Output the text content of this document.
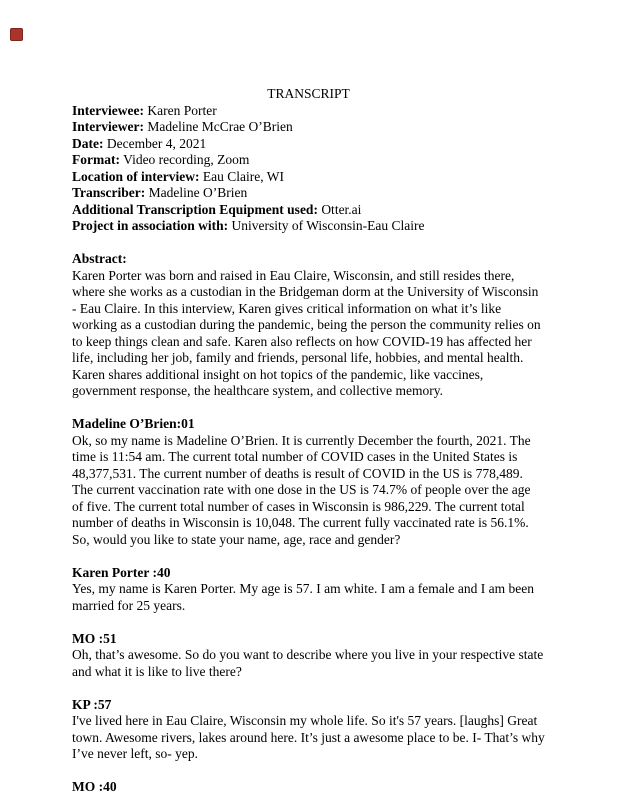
TRANSCRIPT

Interviewee: Karen Porter

Interviewer: Madeline McCrae O’Brien

Date: December 4, 2021

Format: Video recording, Zoom

Location of interview: Eau Claire, WI

Transcriber: Madeline O’Brien

Additional Transcription Equipment used: Otter.ai

Project in association with: University of Wisconsin-Eau Claire

Abstract:

Karen Porter was born and raised in Eau Claire, Wisconsin, and still resides there, where she works as a custodian in the Bridgeman dorm at the University of Wisconsin - Eau Claire. In this interview, Karen gives critical information on what it’s like working as a custodian during the pandemic, being the person the community relies on to keep things clean and safe. Karen also reflects on how COVID-19 has affected her life, including her job, family and friends, personal life, hobbies, and mental health. Karen shares additional insight on hot topics of the pandemic, like vaccines, government response, the healthcare system, and collective memory.

Madeline O’Brien:01

Ok, so my name is Madeline O’Brien. It is currently December the fourth, 2021. The time is 11:54 am. The current total number of COVID cases in the United States is 48,377,531. The current number of deaths is result of COVID in the US is 778,489. The current vaccination rate with one dose in the US is 74.7% of people over the age of five. The current total number of cases in Wisconsin is 986,229. The current total number of deaths in Wisconsin is 10,048. The current fully vaccinated rate is 56.1%. So, would you like to state your name, age, race and gender?

Karen Porter :40

Yes, my name is Karen Porter. My age is 57. I am white. I am a female and I am been married for 25 years.

MO :51

Oh, that’s awesome. So do you want to describe where you live in your respective state and what it is like to live there?

KP :57

I've lived here in Eau Claire, Wisconsin my whole life. So it's 57 years. [laughs] Great town. Awesome rivers, lakes around here. It’s just a awesome place to be. I- That’s why I’ve never left, so- yep.

MO :40
